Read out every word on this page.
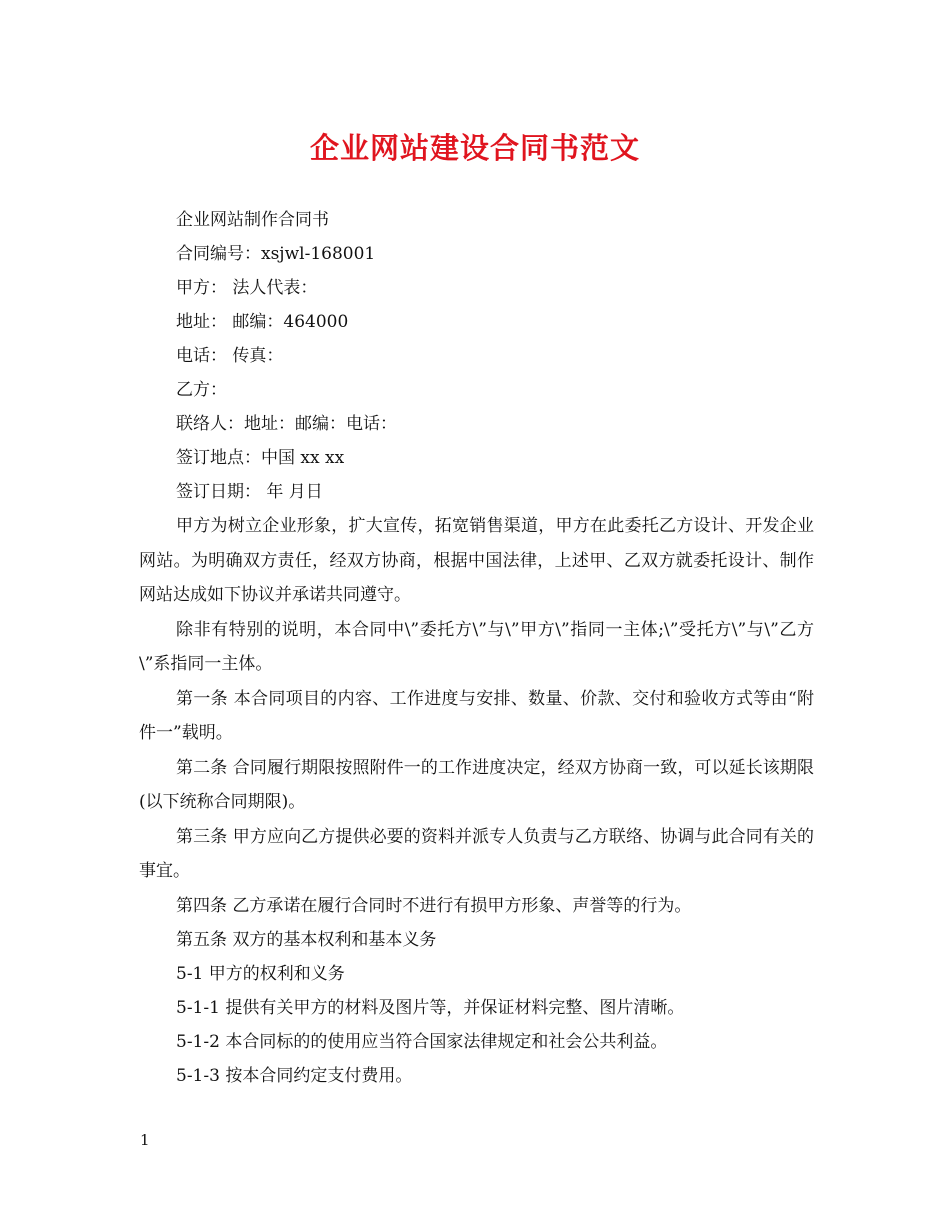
企业网站建设合同书范文

企业网站制作合同书

合同编号：xsjwl-168001

甲方： 法人代表：

地址： 邮编：464000

电话： 传真：

乙方：

联络人：地址：邮编：电话：

签订地点：中国 xx xx

签订日期： 年 月日

甲方为树立企业形象，扩大宣传，拓宽销售渠道，甲方在此委托乙方设计、开发企业网站。为明确双方责任，经双方协商，根据中国法律，上述甲、乙双方就委托设计、制作网站达成如下协议并承诺共同遵守。

除非有特别的说明，本合同中\”委托方\”与\”甲方\”指同一主体;\”受托方\”与\”乙方\”系指同一主体。

第一条 本合同项目的内容、工作进度与安排、数量、价款、交付和验收方式等由“附件一”载明。

第二条 合同履行期限按照附件一的工作进度决定，经双方协商一致，可以延长该期限(以下统称合同期限)。

第三条 甲方应向乙方提供必要的资料并派专人负责与乙方联络、协调与此合同有关的事宜。

第四条 乙方承诺在履行合同时不进行有损甲方形象、声誉等的行为。

第五条 双方的基本权利和基本义务

5-1 甲方的权利和义务

5-1-1 提供有关甲方的材料及图片等，并保证材料完整、图片清晰。

5-1-2 本合同标的的使用应当符合国家法律规定和社会公共利益。

5-1-3 按本合同约定支付费用。

1
